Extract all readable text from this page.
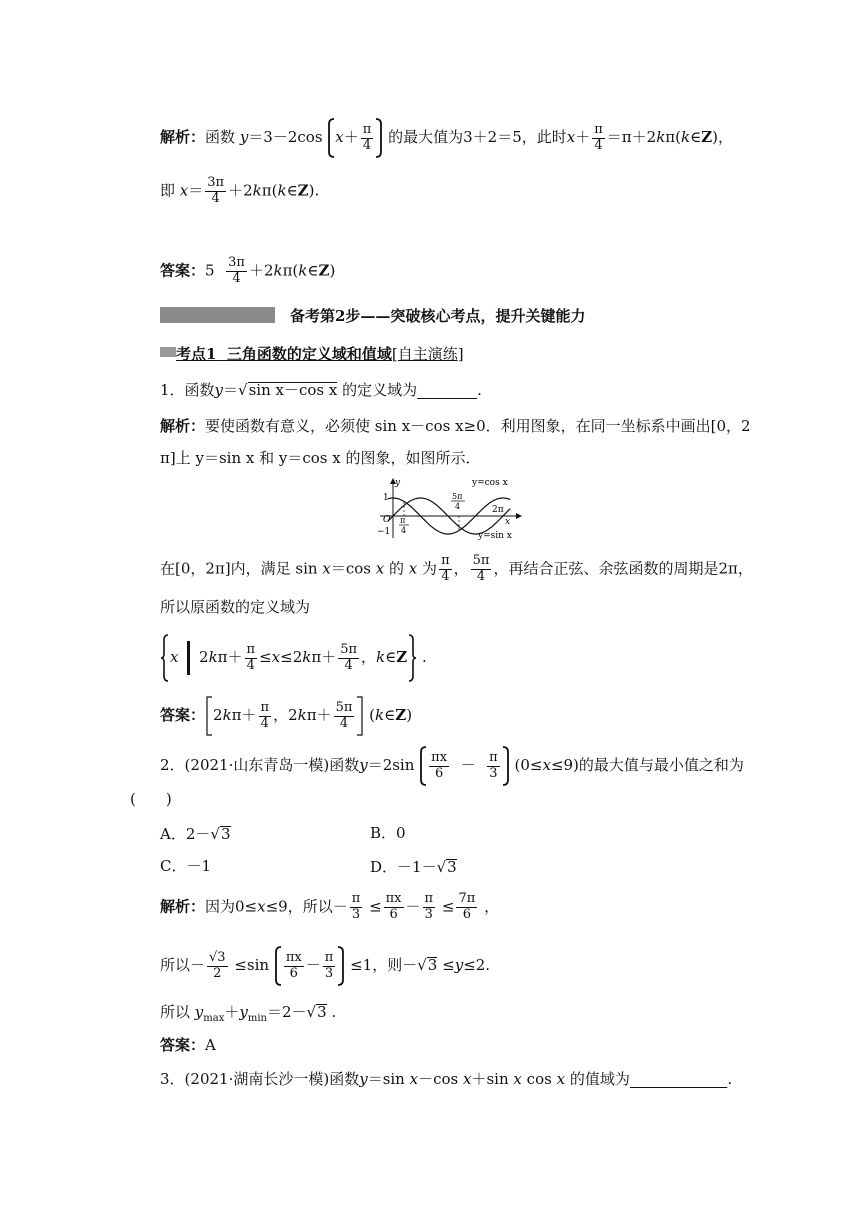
解析：函数 y＝3－2cos $x+ \frac{\pi}{4}$ 的最大值为3＋2＝5，此时$x+ \frac{\pi}{4}$ ＝π＋2kπ(k∈Z)，
即 $x= \frac{3\pi}{4}$ ＋2kπ(k∈Z).
答案：$5 \frac{3\pi}{4}$ ＋2kπ(k∈Z)
备考第2步——突破核心考点，提升关键能力
考点1 三角函数的定义域和值域[自主演练]
1．函数y＝√sin x－cos x 的定义域为________.
解析：要使函数有意义，必须使 sin x－cos x≥0．利用图象，在同一坐标系中画出[0，2
π]上 y＝sin x 和 y＝cos x 的图象，如图所示．
y=cos x
y=sin x
y
x
1
O
−1
π
4
5π
4	2π
在[0，2π]内，满足 sin x＝cos x 的 x 为 $\frac{\pi}{4}$ ， $\frac{5\pi}{4}$ ，再结合正弦、余弦函数的周期是2π，
所以原函数的定义域为
x $2k\pi+ \frac{\pi}{4} \le x\le 2k\pi+ \frac{5\pi}{4}$ ，k∈Z .
答案： $2k\pi+ \frac{\pi}{4}$ ，$2k\pi+ \frac{5\pi}{4}$ (k∈Z)
2．(2021·山东青岛一模)函数$y=2\sin \frac{\pi x}{6} - \frac{\pi}{3} (0\le x\le 9)$的最大值与最小值之和为
(　　)
A．2－√3	B．0
C．－1	D．－1－√3
解析：因为0≤x≤9，所以－ $\frac{\pi}{3} \le \frac{\pi x}{6} - \frac{\pi}{3} \le \frac{7\pi}{6}$ ，
所以－ $\frac{√3}{2} \le\sin \frac{\pi x}{6} - \frac{\pi}{3} \le 1$，则－√3 ≤y≤2.
所以 $y_{max}+y_{min}=2-√3$ .
答案：A
3．(2021·湖南长沙一模)函数y＝sin x－cos x＋sin x cos x 的值域为_____________.
